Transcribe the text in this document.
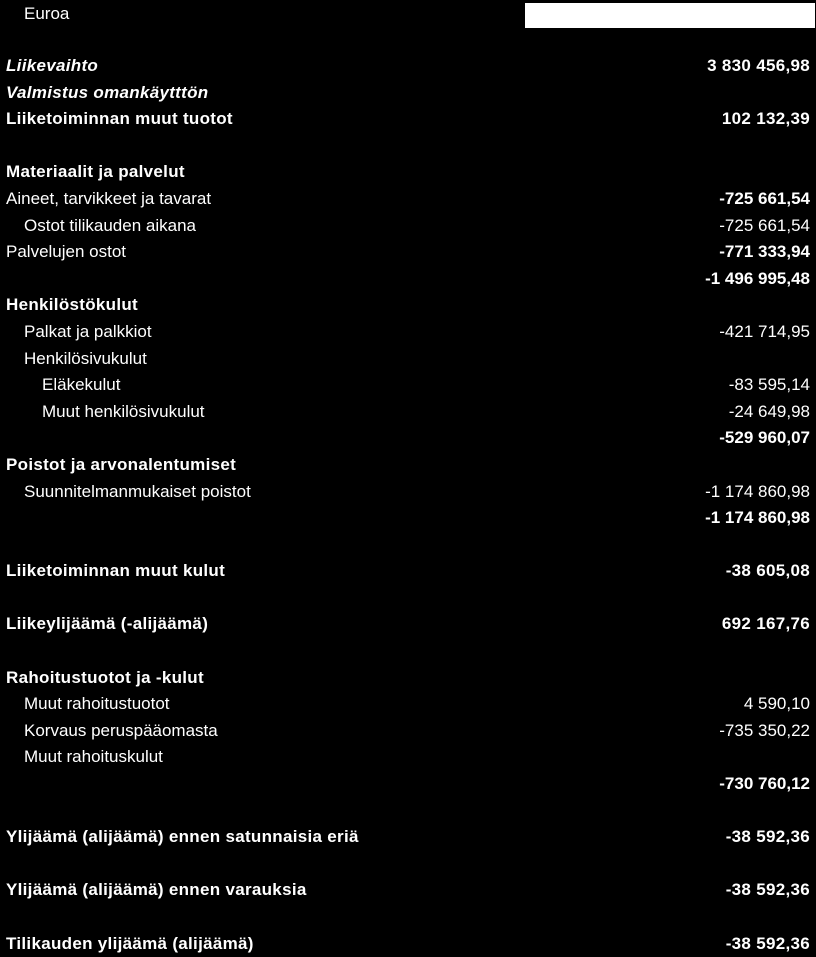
Euroa
Liikevaihto	3 830 456,98
Valmistus omankäytttön
Liiketoiminnan muut tuotot	102 132,39
Materiaalit ja palvelut
Aineet, tarvikkeet ja tavarat	-725 661,54
Ostot tilikauden aikana	-725 661,54
Palvelujen ostot	-771 333,94
-1 496 995,48
Henkilöstökulut
Palkat ja palkkiot	-421 714,95
Henkilösivukulut
Eläkekulut	-83 595,14
Muut henkilösivukulut	-24 649,98
-529 960,07
Poistot ja arvonalentumiset
Suunnitelmanmukaiset poistot	-1 174 860,98
-1 174 860,98
Liiketoiminnan muut kulut	-38 605,08
Liikeylijäämä (-alijäämä)	692 167,76
Rahoitustuotot ja -kulut
Muut rahoitustuotot	4 590,10
Korvaus peruspääomasta	-735 350,22
Muut rahoituskulut
-730 760,12
Ylijäämä (alijäämä) ennen satunnaisia eriä	-38 592,36
Ylijäämä (alijäämä) ennen varauksia	-38 592,36
Tilikauden ylijäämä (alijäämä)	-38 592,36
